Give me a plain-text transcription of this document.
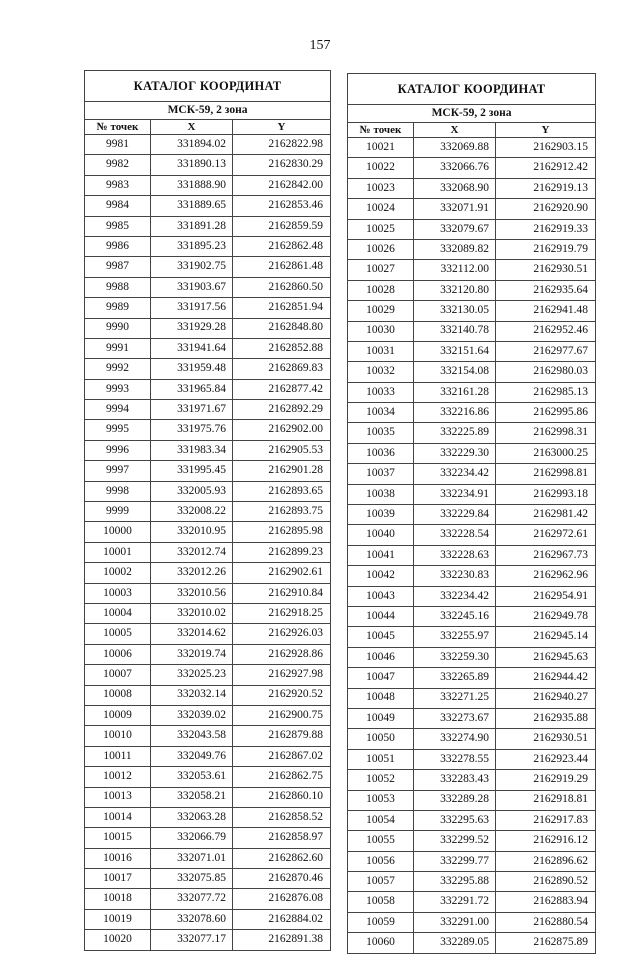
157
КАТАЛОГ КООРДИНАТ		
МСК-59, 2 зона		
№ точек	X	Y
9981	331894.02	2162822.98
9982	331890.13	2162830.29
9983	331888.90	2162842.00
9984	331889.65	2162853.46
9985	331891.28	2162859.59
9986	331895.23	2162862.48
9987	331902.75	2162861.48
9988	331903.67	2162860.50
9989	331917.56	2162851.94
9990	331929.28	2162848.80
9991	331941.64	2162852.88
9992	331959.48	2162869.83
9993	331965.84	2162877.42
9994	331971.67	2162892.29
9995	331975.76	2162902.00
9996	331983.34	2162905.53
9997	331995.45	2162901.28
9998	332005.93	2162893.65
9999	332008.22	2162893.75
10000	332010.95	2162895.98
10001	332012.74	2162899.23
10002	332012.26	2162902.61
10003	332010.56	2162910.84
10004	332010.02	2162918.25
10005	332014.62	2162926.03
10006	332019.74	2162928.86
10007	332025.23	2162927.98
10008	332032.14	2162920.52
10009	332039.02	2162900.75
10010	332043.58	2162879.88
10011	332049.76	2162867.02
10012	332053.61	2162862.75
10013	332058.21	2162860.10
10014	332063.28	2162858.52
10015	332066.79	2162858.97
10016	332071.01	2162862.60
10017	332075.85	2162870.46
10018	332077.72	2162876.08
10019	332078.60	2162884.02
10020	332077.17	2162891.38
КАТАЛОГ КООРДИНАТ		
МСК-59, 2 зона		
№ точек	X	Y
10021	332069.88	2162903.15
10022	332066.76	2162912.42
10023	332068.90	2162919.13
10024	332071.91	2162920.90
10025	332079.67	2162919.33
10026	332089.82	2162919.79
10027	332112.00	2162930.51
10028	332120.80	2162935.64
10029	332130.05	2162941.48
10030	332140.78	2162952.46
10031	332151.64	2162977.67
10032	332154.08	2162980.03
10033	332161.28	2162985.13
10034	332216.86	2162995.86
10035	332225.89	2162998.31
10036	332229.30	2163000.25
10037	332234.42	2162998.81
10038	332234.91	2162993.18
10039	332229.84	2162981.42
10040	332228.54	2162972.61
10041	332228.63	2162967.73
10042	332230.83	2162962.96
10043	332234.42	2162954.91
10044	332245.16	2162949.78
10045	332255.97	2162945.14
10046	332259.30	2162945.63
10047	332265.89	2162944.42
10048	332271.25	2162940.27
10049	332273.67	2162935.88
10050	332274.90	2162930.51
10051	332278.55	2162923.44
10052	332283.43	2162919.29
10053	332289.28	2162918.81
10054	332295.63	2162917.83
10055	332299.52	2162916.12
10056	332299.77	2162896.62
10057	332295.88	2162890.52
10058	332291.72	2162883.94
10059	332291.00	2162880.54
10060	332289.05	2162875.89
